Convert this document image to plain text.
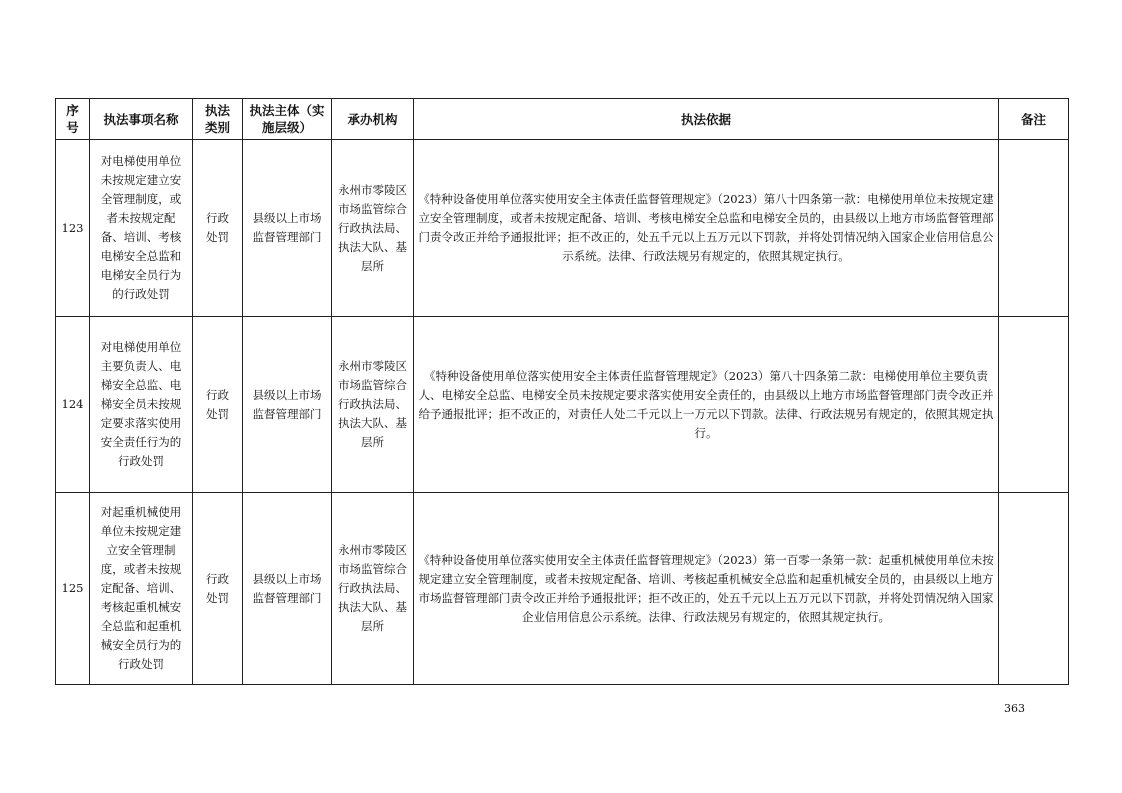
序号	执法事项名称	执法类别	执法主体（实施层级）	承办机构	执法依据	备注
123	对电梯使用单位未按规定建立安全管理制度，或者未按规定配备、培训、考核电梯安全总监和电梯安全员行为的行政处罚	行政处罚	县级以上市场监督管理部门	永州市零陵区市场监管综合行政执法局、执法大队、基层所	《特种设备使用单位落实使用安全主体责任监督管理规定》（2023）第八十四条第一款：电梯使用单位未按规定建立安全管理制度，或者未按规定配备、培训、考核电梯安全总监和电梯安全员的，由县级以上地方市场监督管理部门责令改正并给予通报批评；拒不改正的，处五千元以上五万元以下罚款，并将处罚情况纳入国家企业信用信息公示系统。法律、行政法规另有规定的，依照其规定执行。	
124	对电梯使用单位主要负责人、电梯安全总监、电梯安全员未按规定要求落实使用安全责任行为的行政处罚	行政处罚	县级以上市场监督管理部门	永州市零陵区市场监管综合行政执法局、执法大队、基层所	《特种设备使用单位落实使用安全主体责任监督管理规定》（2023）第八十四条第二款：电梯使用单位主要负责人、电梯安全总监、电梯安全员未按规定要求落实使用安全责任的，由县级以上地方市场监督管理部门责令改正并给予通报批评；拒不改正的，对责任人处二千元以上一万元以下罚款。法律、行政法规另有规定的，依照其规定执行。	
125	对起重机械使用单位未按规定建立安全管理制度，或者未按规定配备、培训、考核起重机械安全总监和起重机械安全员行为的行政处罚	行政处罚	县级以上市场监督管理部门	永州市零陵区市场监管综合行政执法局、执法大队、基层所	《特种设备使用单位落实使用安全主体责任监督管理规定》（2023）第一百零一条第一款：起重机械使用单位未按规定建立安全管理制度，或者未按规定配备、培训、考核起重机械安全总监和起重机械安全员的，由县级以上地方市场监督管理部门责令改正并给予通报批评；拒不改正的，处五千元以上五万元以下罚款，并将处罚情况纳入国家企业信用信息公示系统。法律、行政法规另有规定的，依照其规定执行。	
363
